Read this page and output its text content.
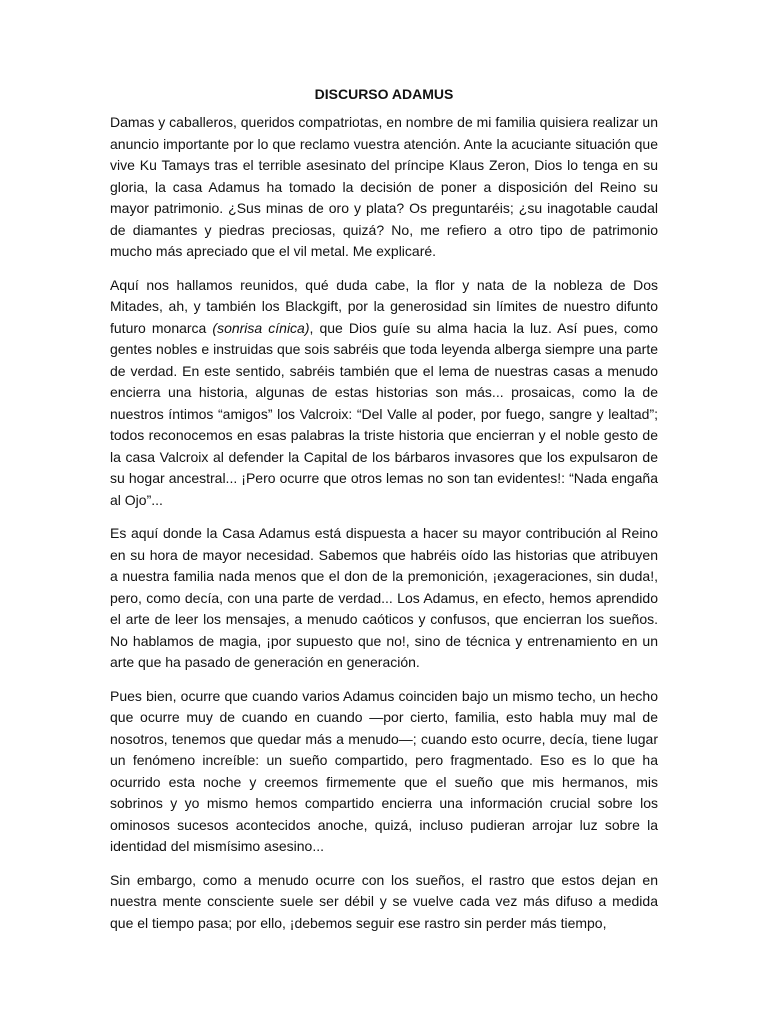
DISCURSO ADAMUS

Damas y caballeros, queridos compatriotas, en nombre de mi familia quisiera realizar un anuncio importante por lo que reclamo vuestra atención. Ante la acuciante situación que vive Ku Tamays tras el terrible asesinato del príncipe Klaus Zeron, Dios lo tenga en su gloria, la casa Adamus ha tomado la decisión de poner a disposición del Reino su mayor patrimonio. ¿Sus minas de oro y plata? Os preguntaréis; ¿su inagotable caudal de diamantes y piedras preciosas, quizá? No, me refiero a otro tipo de patrimonio mucho más apreciado que el vil metal. Me explicaré.

Aquí nos hallamos reunidos, qué duda cabe, la flor y nata de la nobleza de Dos Mitades, ah, y también los Blackgift, por la generosidad sin límites de nuestro difunto futuro monarca (sonrisa cínica), que Dios guíe su alma hacia la luz. Así pues, como gentes nobles e instruidas que sois sabréis que toda leyenda alberga siempre una parte de verdad. En este sentido, sabréis también que el lema de nuestras casas a menudo encierra una historia, algunas de estas historias son más... prosaicas, como la de nuestros íntimos “amigos” los Valcroix: “Del Valle al poder, por fuego, sangre y lealtad”; todos reconocemos en esas palabras la triste historia que encierran y el noble gesto de la casa Valcroix al defender la Capital de los bárbaros invasores que los expulsaron de su hogar ancestral... ¡Pero ocurre que otros lemas no son tan evidentes!: “Nada engaña al Ojo”...

Es aquí donde la Casa Adamus está dispuesta a hacer su mayor contribución al Reino en su hora de mayor necesidad. Sabemos que habréis oído las historias que atribuyen a nuestra familia nada menos que el don de la premonición, ¡exageraciones, sin duda!, pero, como decía, con una parte de verdad... Los Adamus, en efecto, hemos aprendido el arte de leer los mensajes, a menudo caóticos y confusos, que encierran los sueños. No hablamos de magia, ¡por supuesto que no!, sino de técnica y entrenamiento en un arte que ha pasado de generación en generación.

Pues bien, ocurre que cuando varios Adamus coinciden bajo un mismo techo, un hecho que ocurre muy de cuando en cuando —por cierto, familia, esto habla muy mal de nosotros, tenemos que quedar más a menudo—; cuando esto ocurre, decía, tiene lugar un fenómeno increíble: un sueño compartido, pero fragmentado. Eso es lo que ha ocurrido esta noche y creemos firmemente que el sueño que mis hermanos, mis sobrinos y yo mismo hemos compartido encierra una información crucial sobre los ominosos sucesos acontecidos anoche, quizá, incluso pudieran arrojar luz sobre la identidad del mismísimo asesino...

Sin embargo, como a menudo ocurre con los sueños, el rastro que estos dejan en nuestra mente consciente suele ser débil y se vuelve cada vez más difuso a medida que el tiempo pasa; por ello, ¡debemos seguir ese rastro sin perder más tiempo,
